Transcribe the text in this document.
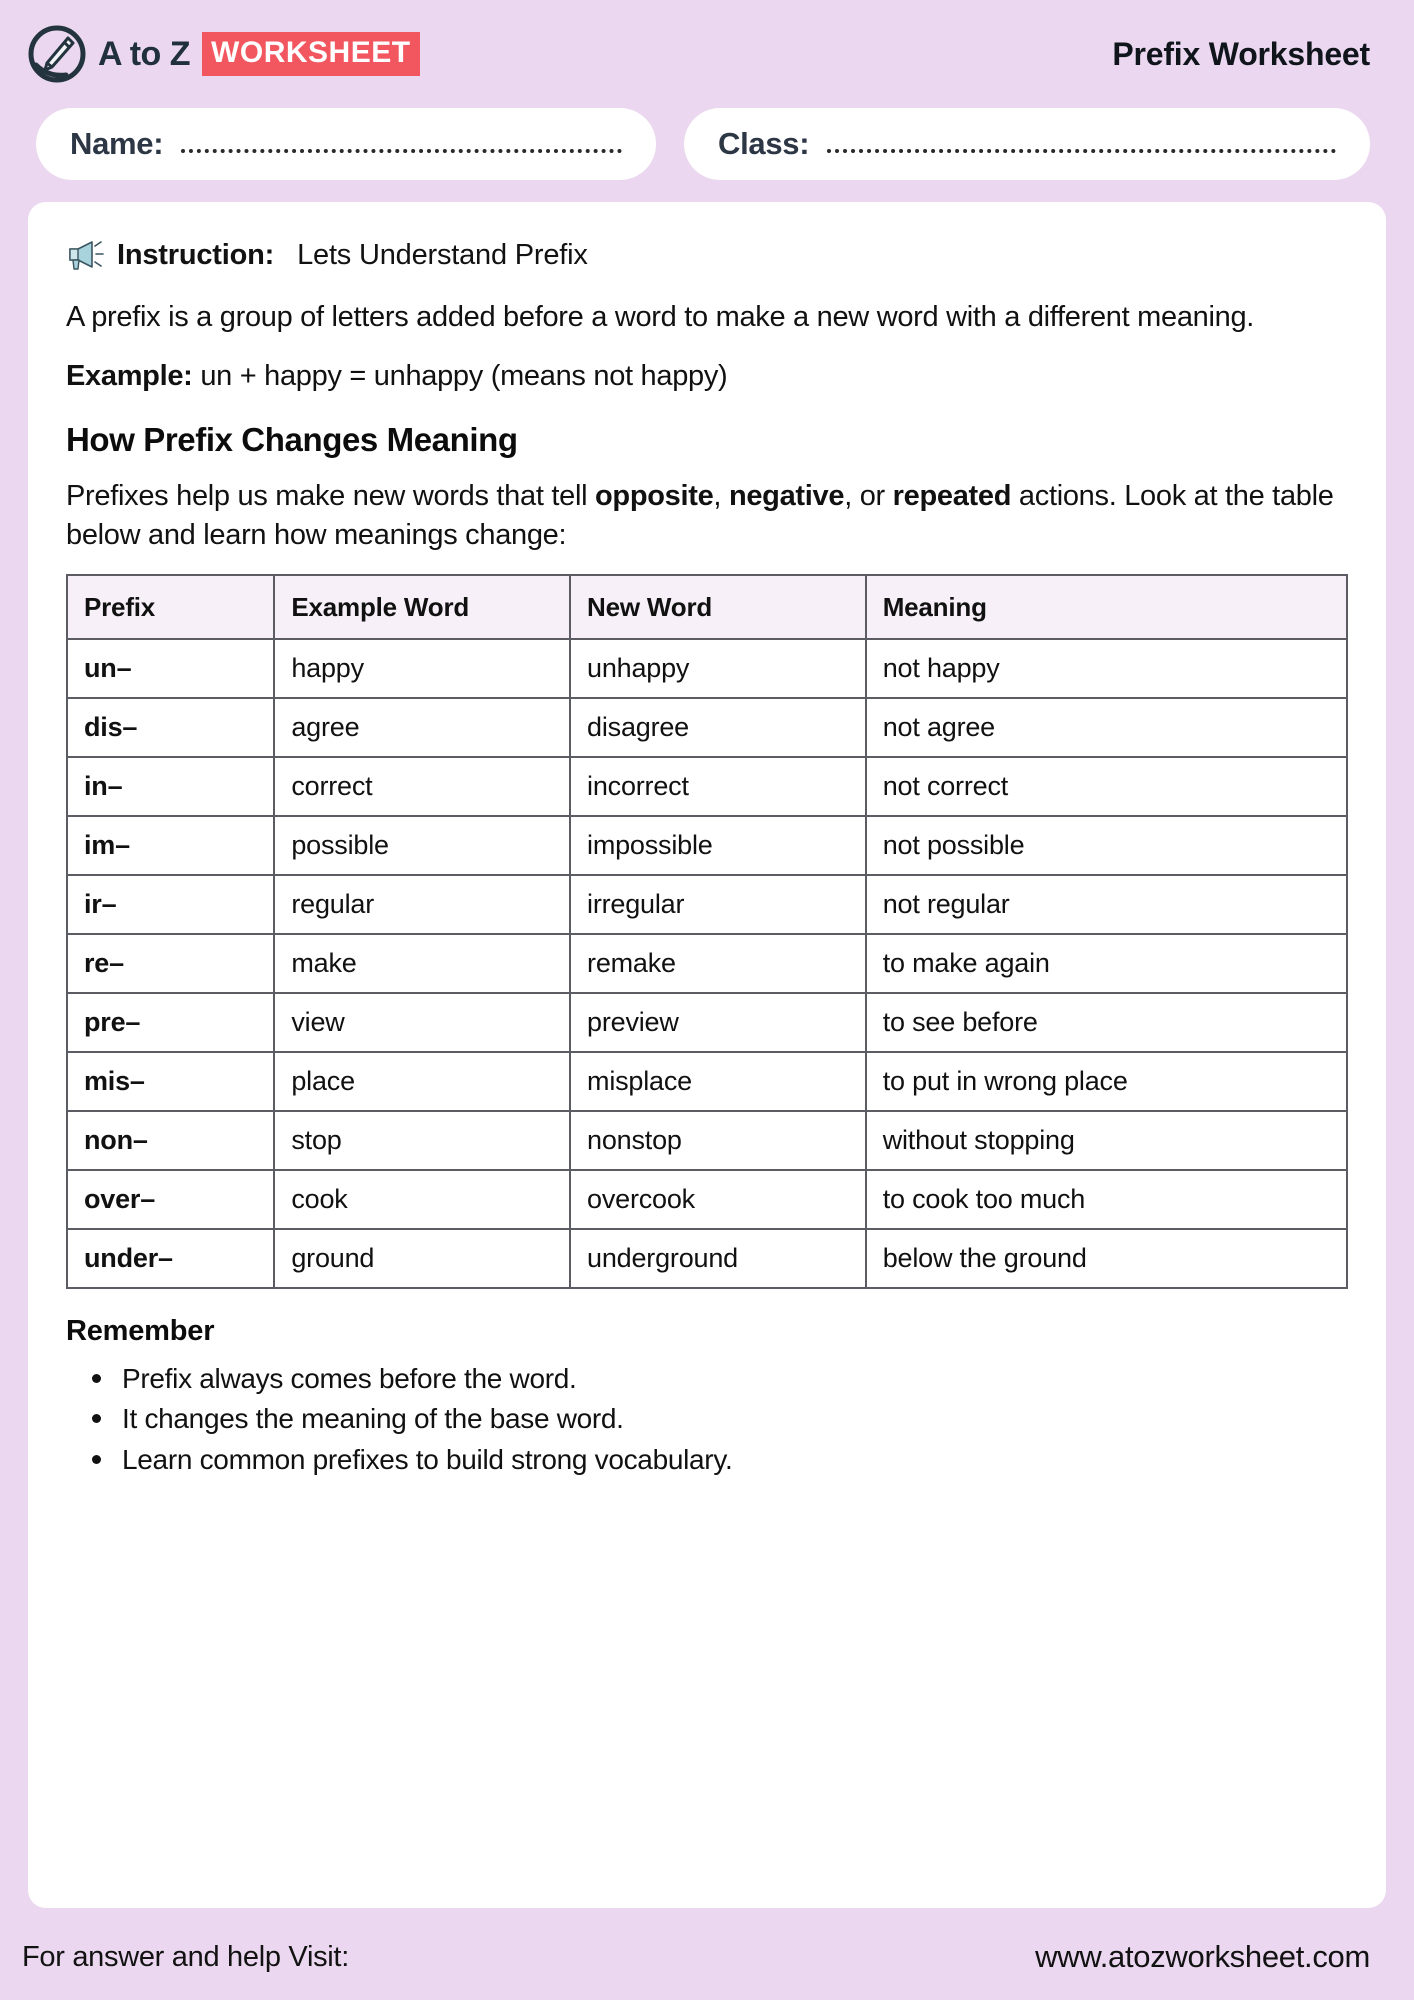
A to Z WORKSHEET	Prefix Worksheet
Name:	Class:
Instruction: Lets Understand Prefix

A prefix is a group of letters added before a word to make a new word with a different meaning.

Example: un + happy = unhappy (means not happy)

How Prefix Changes Meaning

Prefixes help us make new words that tell opposite, negative, or repeated actions. Look at the table below and learn how meanings change:

Prefix	Example Word	New Word	Meaning
un–	happy	unhappy	not happy
dis–	agree	disagree	not agree
in–	correct	incorrect	not correct
im–	possible	impossible	not possible
ir–	regular	irregular	not regular
re–	make	remake	to make again
pre–	view	preview	to see before
mis–	place	misplace	to put in wrong place
non–	stop	nonstop	without stopping
over–	cook	overcook	to cook too much
under–	ground	underground	below the ground
Remember
Prefix always comes before the word.
It changes the meaning of the base word.
Learn common prefixes to build strong vocabulary.
For answer and help Visit:	www.atozworksheet.com
